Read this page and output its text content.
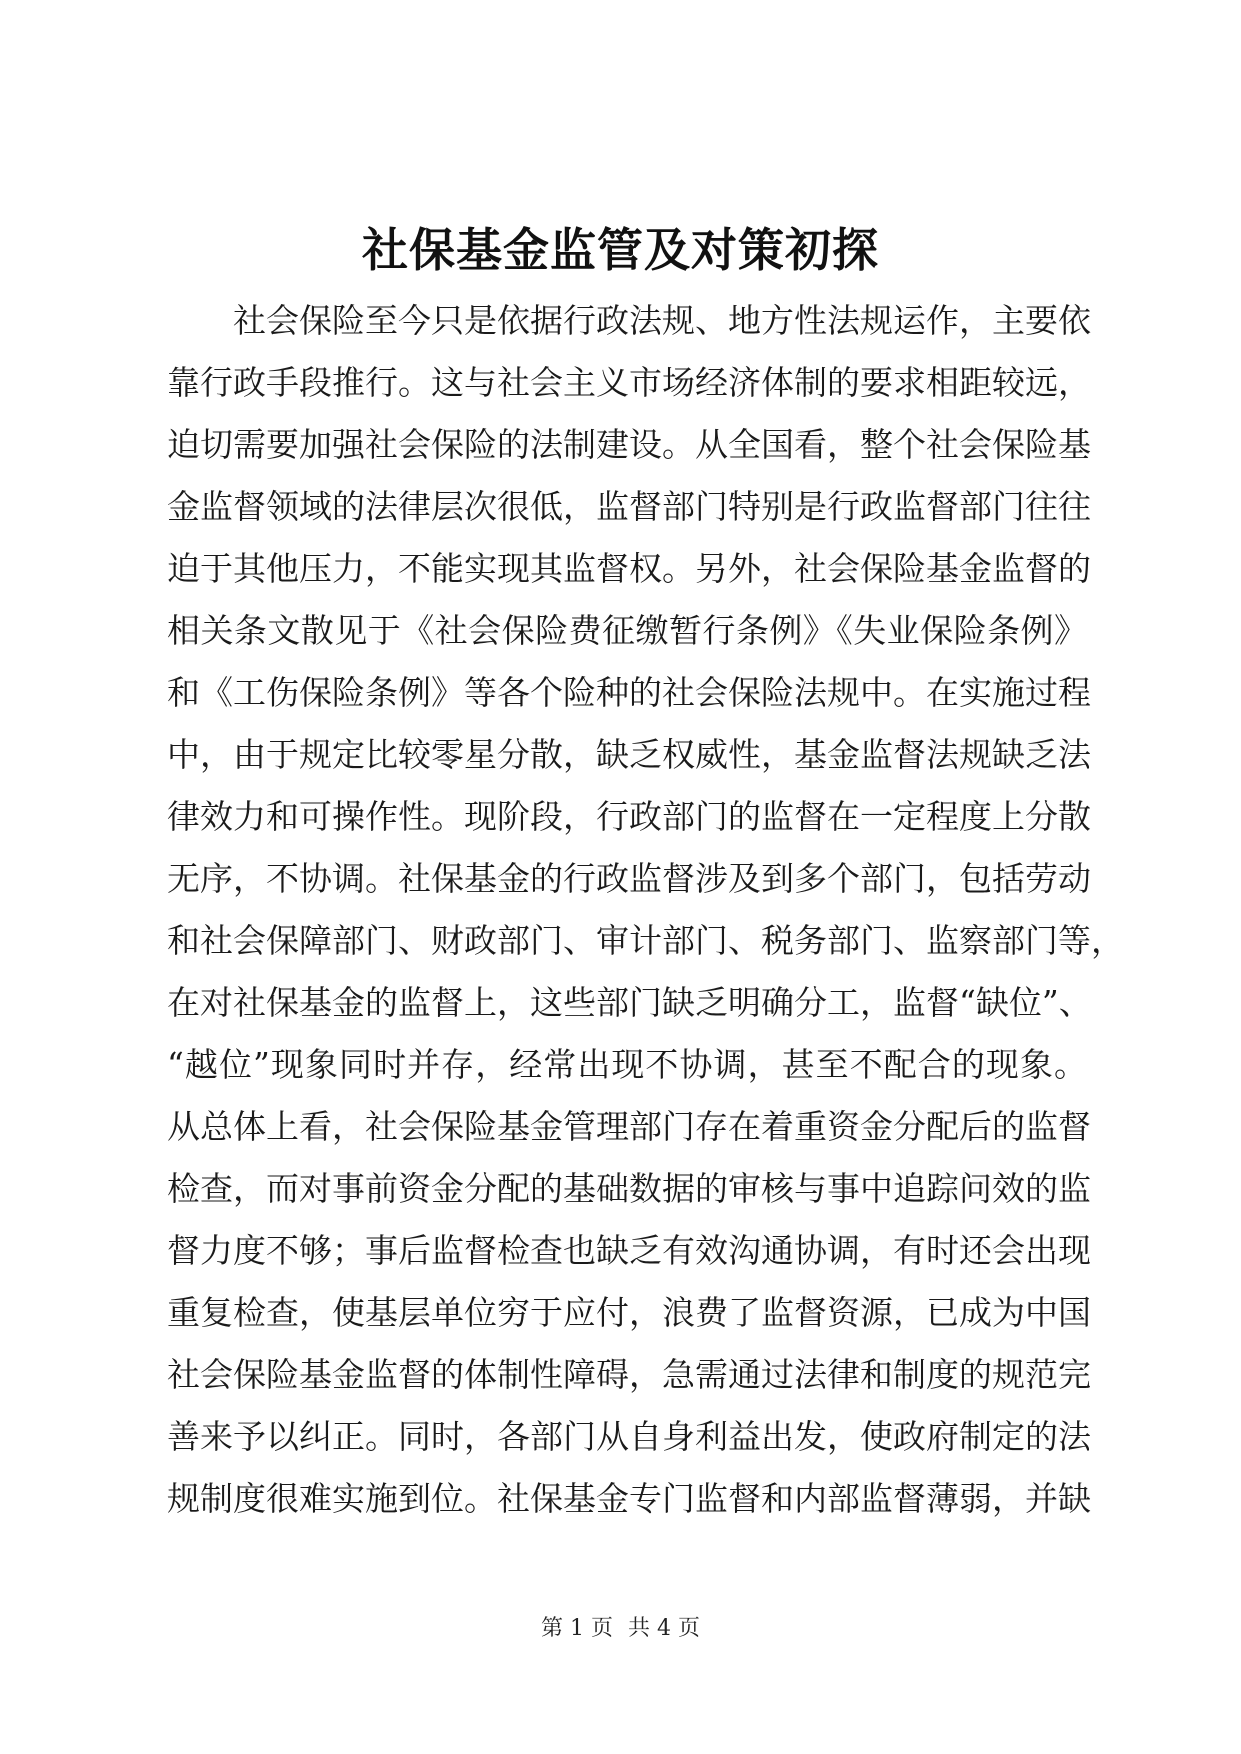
社保基金监管及对策初探
社会保险至今只是依据行政法规、地方性法规运作，主要依
靠行政手段推行。这与社会主义市场经济体制的要求相距较远，
迫切需要加强社会保险的法制建设。从全国看，整个社会保险基
金监督领域的法律层次很低，监督部门特别是行政监督部门往往
迫于其他压力，不能实现其监督权。另外，社会保险基金监督的
相关条文散见于《社会保险费征缴暂行条例》《失业保险条例》
和《工伤保险条例》等各个险种的社会保险法规中。在实施过程
中，由于规定比较零星分散，缺乏权威性，基金监督法规缺乏法
律效力和可操作性。现阶段，行政部门的监督在一定程度上分散
无序，不协调。社保基金的行政监督涉及到多个部门，包括劳动
和社会保障部门、财政部门、审计部门、税务部门、监察部门等，
在对社保基金的监督上，这些部门缺乏明确分工，监督“缺位”、
“越位”现象同时并存，经常出现不协调，甚至不配合的现象。
从总体上看，社会保险基金管理部门存在着重资金分配后的监督
检查，而对事前资金分配的基础数据的审核与事中追踪问效的监
督力度不够；事后监督检查也缺乏有效沟通协调，有时还会出现
重复检查，使基层单位穷于应付，浪费了监督资源，已成为中国
社会保险基金监督的体制性障碍，急需通过法律和制度的规范完
善来予以纠正。同时，各部门从自身利益出发，使政府制定的法
规制度很难实施到位。社保基金专门监督和内部监督薄弱，并缺
第 1 页 共 4 页
